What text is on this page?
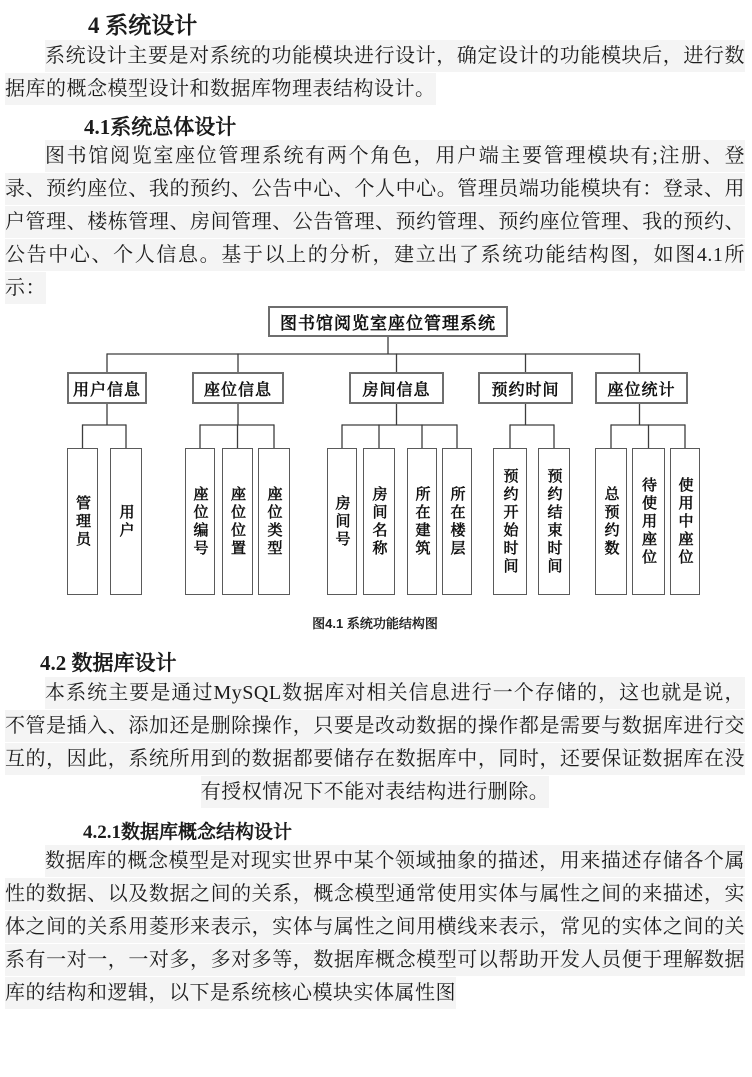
4 系统设计

系统设计主要是对系统的功能模块进行设计，确定设计的功能模块后，进行数据库的概念模型设计和数据库物理表结构设计。

4.1系统总体设计

图书馆阅览室座位管理系统有两个角色，用户端主要管理模块有;注册、登录、预约座位、我的预约、公告中心、个人中心。管理员端功能模块有：登录、用户管理、楼栋管理、房间管理、公告管理、预约管理、预约座位管理、我的预约、公告中心、个人信息。基于以上的分析，建立出了系统功能结构图，如图4.1所示：

图书馆阅览室座位管理系统
用户信息	座位信息	房间信息	预约时间	座位统计
管理员 用户	座位编号 座位位置 座位类型	房间号 房间名称 所在建筑 所在楼层 预约开始时间 预约结束时间	总预约数 待使用座位 使用中座位
图4.1 系统功能结构图
4.2 数据库设计

本系统主要是通过MySQL数据库对相关信息进行一个存储的，这也就是说，不管是插入、添加还是删除操作，只要是改动数据的操作都是需要与数据库进行交互的，因此，系统所用到的数据都要储存在数据库中，同时，还要保证数据库在没有授权情况下不能对表结构进行删除。

4.2.1数据库概念结构设计

数据库的概念模型是对现实世界中某个领域抽象的描述，用来描述存储各个属性的数据、以及数据之间的关系，概念模型通常使用实体与属性之间的来描述，实体之间的关系用菱形来表示，实体与属性之间用横线来表示，常见的实体之间的关系有一对一，一对多，多对多等，数据库概念模型可以帮助开发人员便于理解数据库的结构和逻辑，以下是系统核心模块实体属性图
